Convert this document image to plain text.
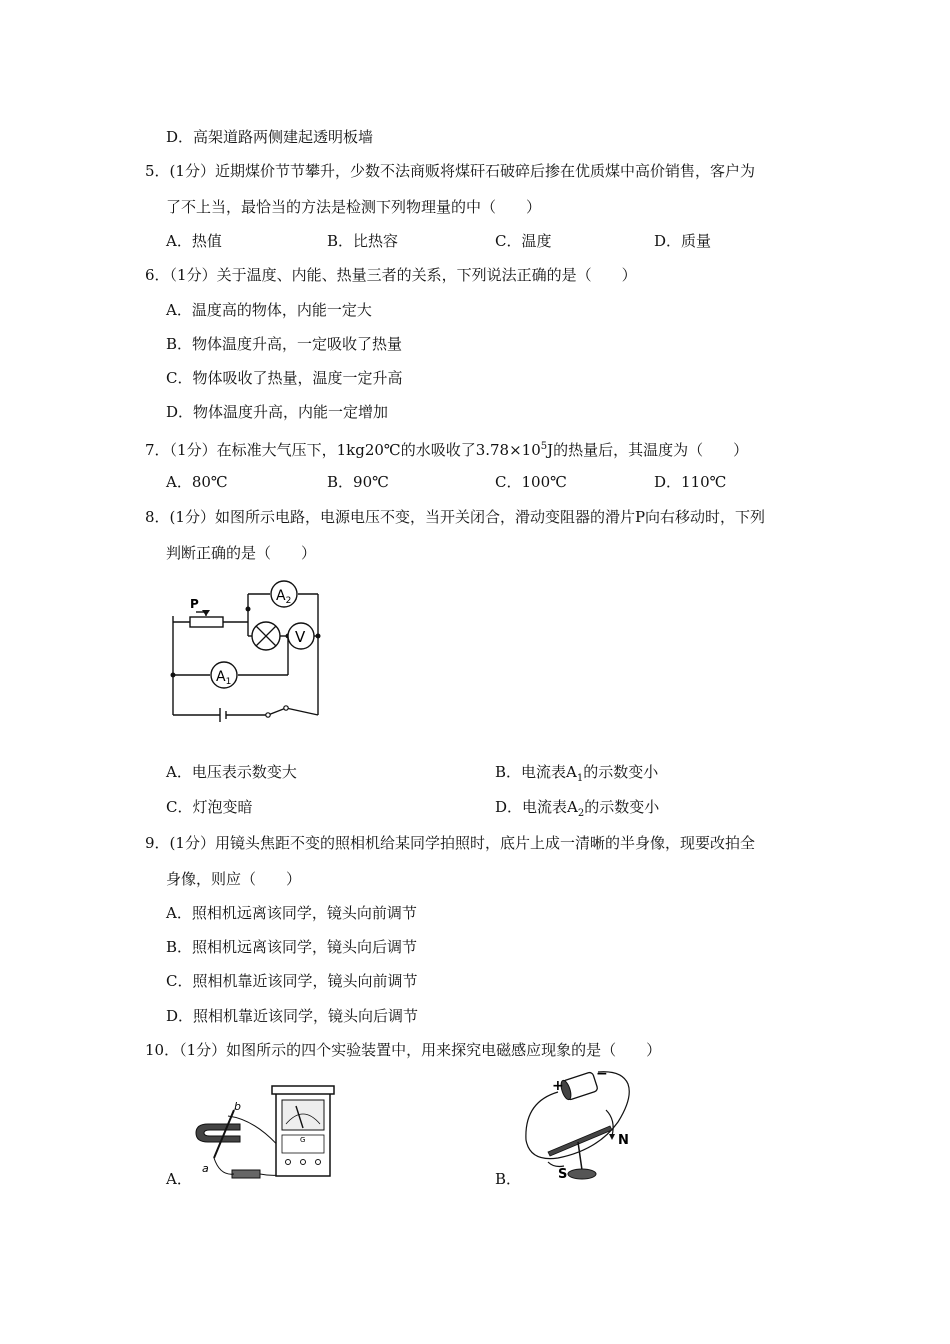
D．高架道路两侧建起透明板墙
5．(1分）近期煤价节节攀升，少数不法商贩将煤矸石破碎后掺在优质煤中高价销售，客户为
了不上当，最恰当的方法是检测下列物理量的中（　　）
A．热值	B．比热容	C．温度	D．质量
6．（1分）关于温度、内能、热量三者的关系，下列说法正确的是（　　）
A．温度高的物体，内能一定大
B．物体温度升高，一定吸收了热量
C．物体吸收了热量，温度一定升高
D．物体温度升高，内能一定增加
7．（1分）在标准大气压下，1kg20℃的水吸收了$3.78\times 10^5J$的热量后，其温度为（　　）
A．80℃	B．90℃	C．100℃	D．110℃
8．(1分）如图所示电路，电源电压不变，当开关闭合，滑动变阻器的滑片P向右移动时，下列
判断正确的是（　　）
P	$A_2$
V
$A_1$
A．电压表示数变大	B．电流表$A_1$的示数变小
C．灯泡变暗	D．电流表$A_2$的示数变小
9．(1分）用镜头焦距不变的照相机给某同学拍照时，底片上成一清晰的半身像，现要改拍全
身像，则应（　　）
A．照相机远离该同学，镜头向前调节
B．照相机远离该同学，镜头向后调节
C．照相机靠近该同学，镜头向前调节
D．照相机靠近该同学，镜头向后调节
10．（1分）如图所示的四个实验装置中，用来探究电磁感应现象的是（　　）
A．
b
a
G
B．
+
−
N
S
